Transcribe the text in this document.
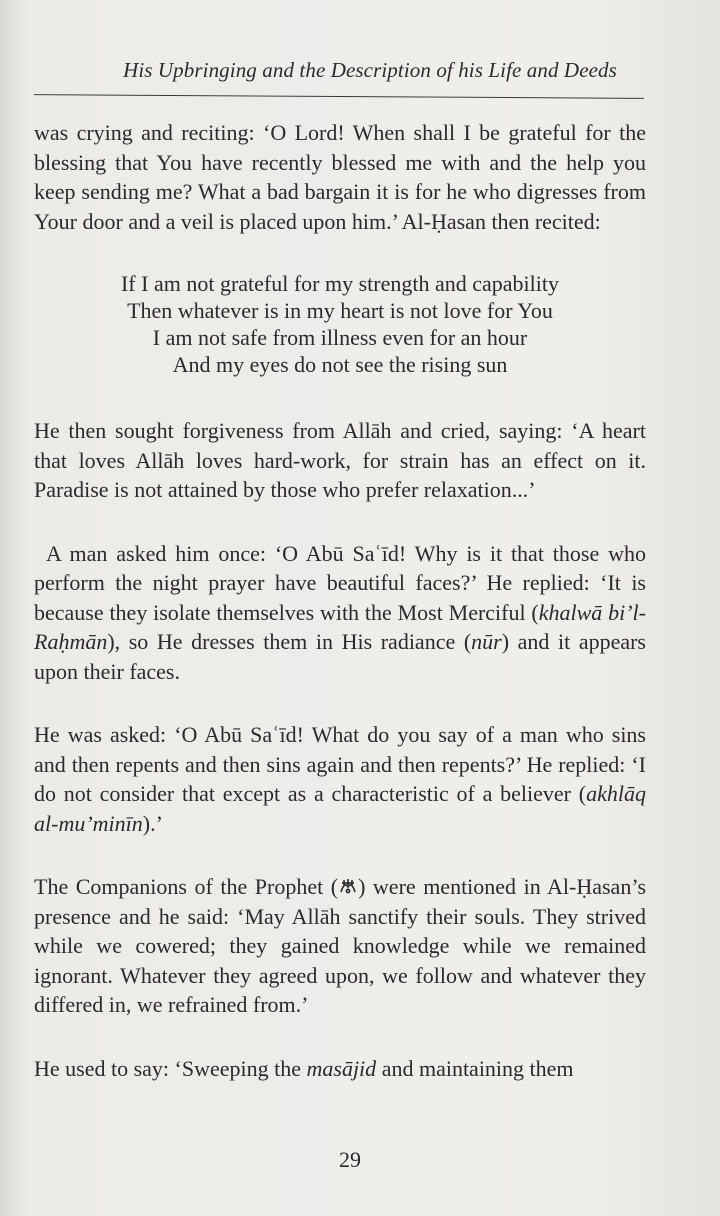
His Upbringing and the Description of his Life and Deeds

was crying and reciting: ‘O Lord! When shall I be grateful for the blessing that You have recently blessed me with and the help you keep sending me? What a bad bargain it is for he who digresses from Your door and a veil is placed upon him.’ Al-Ḥasan then recited:

If I am not grateful for my strength and capability
Then whatever is in my heart is not love for You
I am not safe from illness even for an hour
And my eyes do not see the rising sun

He then sought forgiveness from Allāh and cried, saying: ‘A heart that loves Allāh loves hard-work, for strain has an effect on it. Paradise is not attained by those who prefer relaxation...’

A man asked him once: ‘O Abū Saʿīd! Why is it that those who perform the night prayer have beautiful faces?’ He replied: ‘It is because they isolate themselves with the Most Merciful (khalwā bi’l-Raḥmān), so He dresses them in His radiance (nūr) and it appears upon their faces.

He was asked: ‘O Abū Saʿīd! What do you say of a man who sins and then repents and then sins again and then repents?’ He replied: ‘I do not consider that except as a characteristic of a believer (akhlāq al-mu’minīn).’

The Companions of the Prophet ( ) were mentioned in Al-Ḥasan’s presence and he said: ‘May Allāh sanctify their souls. They strived while we cowered; they gained knowledge while we remained ignorant. Whatever they agreed upon, we follow and whatever they differed in, we refrained from.’

He used to say: ‘Sweeping the masājid and maintaining them

29
